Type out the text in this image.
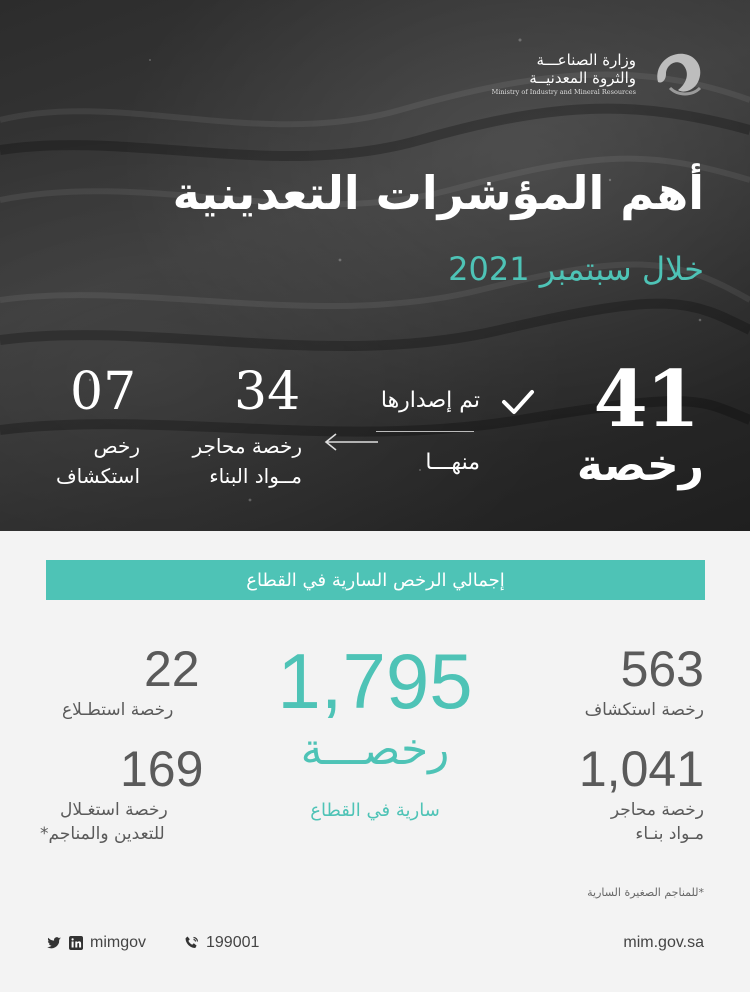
وزارة الصناعـــة
والثروة المعدنيــة
Ministry of Industry and Mineral Resources
أهم المؤشرات التعدينية
خلال سبتمبر 2021
41
رخصة
تم إصدارها
منهـــا
34
رخصة محاجر
مــواد البناء
07
رخص
استكشاف
إجمالي الرخص السارية في القطاع
1,795
رخصـــة
سارية في القطاع
563
رخصة استكشاف
1,041
رخصة محاجر
مـواد بنـاء
22
رخصة استطـلاع
169
رخصة استغـلال
للتعدين والمناجم*
*للمناجم الصغيرة السارية
mimgov	199001	mim.gov.sa
